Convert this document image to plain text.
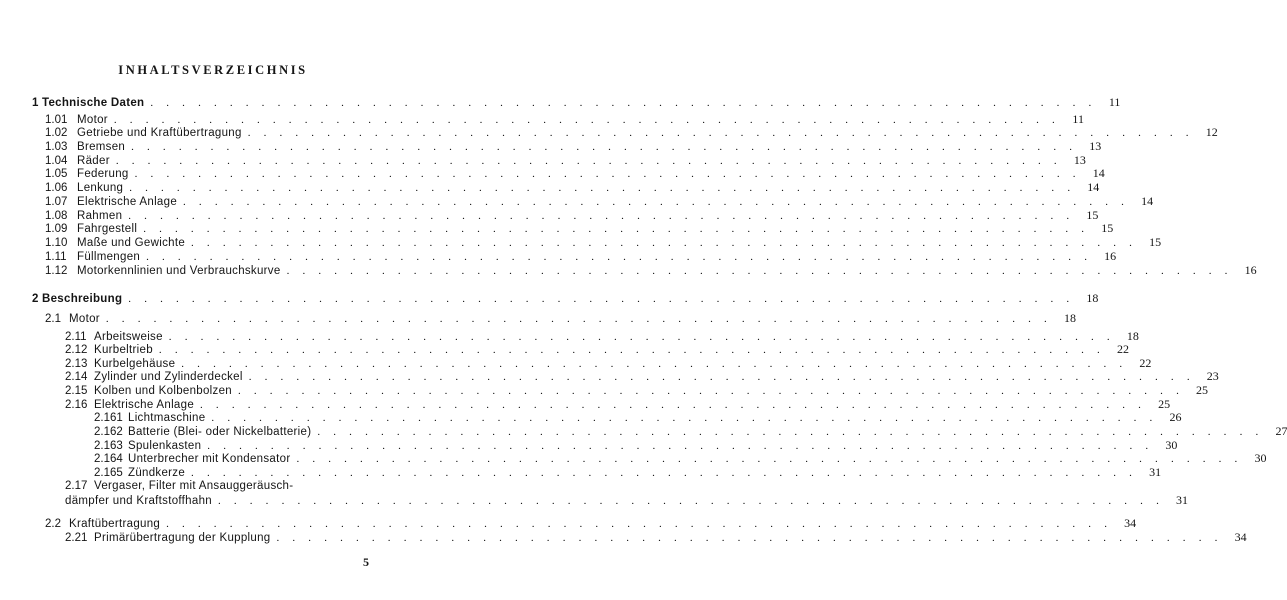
INHALTSVERZEICHNIS
1 Technische Daten . . . . . . . . . . . . . . . . . . . . . . . . . . . . . . . . . . . . . . . . . . . . . . . . . . . . . . . . . . . .	11
1.01 Motor . . . . . . . . . . . . . . . . . . . . . . . . . . . . . . . . . . . . . . . . . . . . . . . . . . . . . . . . . . . .	11
1.02 Getriebe und Kraftübertragung . . . . . . . . . . . . . . . . . . . . . . . . . . . . . . . . . . . . . . . . . . . . . . . . . . . . . . . . . . . .	12
1.03 Bremsen . . . . . . . . . . . . . . . . . . . . . . . . . . . . . . . . . . . . . . . . . . . . . . . . . . . . . . . . . . . .	13
1.04 Räder . . . . . . . . . . . . . . . . . . . . . . . . . . . . . . . . . . . . . . . . . . . . . . . . . . . . . . . . . . . .	13
1.05 Federung . . . . . . . . . . . . . . . . . . . . . . . . . . . . . . . . . . . . . . . . . . . . . . . . . . . . . . . . . . . .	14
1.06 Lenkung . . . . . . . . . . . . . . . . . . . . . . . . . . . . . . . . . . . . . . . . . . . . . . . . . . . . . . . . . . . .	14
1.07 Elektrische Anlage . . . . . . . . . . . . . . . . . . . . . . . . . . . . . . . . . . . . . . . . . . . . . . . . . . . . . . . . . . . .	14
1.08 Rahmen . . . . . . . . . . . . . . . . . . . . . . . . . . . . . . . . . . . . . . . . . . . . . . . . . . . . . . . . . . . .	15
1.09 Fahrgestell . . . . . . . . . . . . . . . . . . . . . . . . . . . . . . . . . . . . . . . . . . . . . . . . . . . . . . . . . . . .	15
1.10 Maße und Gewichte . . . . . . . . . . . . . . . . . . . . . . . . . . . . . . . . . . . . . . . . . . . . . . . . . . . . . . . . . . . .	15
1.11 Füllmengen . . . . . . . . . . . . . . . . . . . . . . . . . . . . . . . . . . . . . . . . . . . . . . . . . . . . . . . . . . . .	16
1.12 Motorkennlinien und Verbrauchskurve . . . . . . . . . . . . . . . . . . . . . . . . . . . . . . . . . . . . . . . . . . . . . . . . . . . . . . . . . . . .	16
2 Beschreibung . . . . . . . . . . . . . . . . . . . . . . . . . . . . . . . . . . . . . . . . . . . . . . . . . . . . . . . . . . . .	18
2.1 Motor . . . . . . . . . . . . . . . . . . . . . . . . . . . . . . . . . . . . . . . . . . . . . . . . . . . . . . . . . . . .	18
2.11 Arbeitsweise . . . . . . . . . . . . . . . . . . . . . . . . . . . . . . . . . . . . . . . . . . . . . . . . . . . . . . . . . . . .	18
2.12 Kurbeltrieb . . . . . . . . . . . . . . . . . . . . . . . . . . . . . . . . . . . . . . . . . . . . . . . . . . . . . . . . . . . .	22
2.13 Kurbelgehäuse . . . . . . . . . . . . . . . . . . . . . . . . . . . . . . . . . . . . . . . . . . . . . . . . . . . . . . . . . . . .	22
2.14 Zylinder und Zylinderdeckel . . . . . . . . . . . . . . . . . . . . . . . . . . . . . . . . . . . . . . . . . . . . . . . . . . . . . . . . . . . .	23
2.15 Kolben und Kolbenbolzen . . . . . . . . . . . . . . . . . . . . . . . . . . . . . . . . . . . . . . . . . . . . . . . . . . . . . . . . . . . .	25
2.16 Elektrische Anlage . . . . . . . . . . . . . . . . . . . . . . . . . . . . . . . . . . . . . . . . . . . . . . . . . . . . . . . . . . . .	25
2.161 Lichtmaschine . . . . . . . . . . . . . . . . . . . . . . . . . . . . . . . . . . . . . . . . . . . . . . . . . . . . . . . . . . . .	26
2.162 Batterie (Blei- oder Nickelbatterie) . . . . . . . . . . . . . . . . . . . . . . . . . . . . . . . . . . . . . . . . . . . . . . . . . . . . . . . . . . . .	27
2.163 Spulenkasten . . . . . . . . . . . . . . . . . . . . . . . . . . . . . . . . . . . . . . . . . . . . . . . . . . . . . . . . . . . .	30
2.164 Unterbrecher mit Kondensator . . . . . . . . . . . . . . . . . . . . . . . . . . . . . . . . . . . . . . . . . . . . . . . . . . . . . . . . . . . .	30
2.165 Zündkerze . . . . . . . . . . . . . . . . . . . . . . . . . . . . . . . . . . . . . . . . . . . . . . . . . . . . . . . . . . . .	31
2.17 Vergaser, Filter mit Ansauggeräusch-
dämpfer und Kraftstoffhahn . . . . . . . . . . . . . . . . . . . . . . . . . . . . . . . . . . . . . . . . . . . . . . . . . . . . . . . . . . . .	31
2.2 Kraftübertragung . . . . . . . . . . . . . . . . . . . . . . . . . . . . . . . . . . . . . . . . . . . . . . . . . . . . . . . . . . . .	34
2.21 Primärübertragung der Kupplung . . . . . . . . . . . . . . . . . . . . . . . . . . . . . . . . . . . . . . . . . . . . . . . . . . . . . . . . . . . .	34
5
